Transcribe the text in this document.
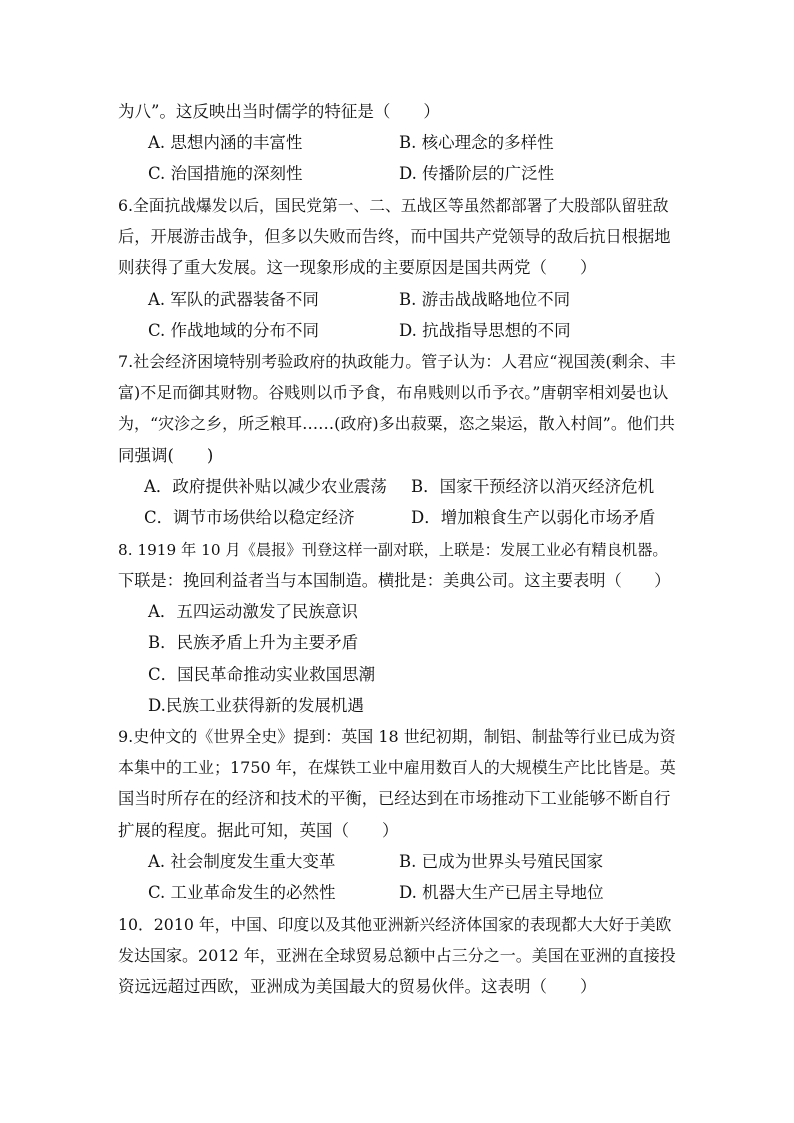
为八”。这反映出当时儒学的特征是（　　）
A. 思想内涵的丰富性	B. 核心理念的多样性
C. 治国措施的深刻性	D. 传播阶层的广泛性
6.全面抗战爆发以后，国民党第一、二、五战区等虽然都部署了大股部队留驻敌
后，开展游击战争，但多以失败而告终，而中国共产党领导的敌后抗日根据地
则获得了重大发展。这一现象形成的主要原因是国共两党（　　）
A. 军队的武器装备不同	B. 游击战战略地位不同
C. 作战地域的分布不同	D. 抗战指导思想的不同
7.社会经济困境特别考验政府的执政能力。管子认为：人君应“视国羡(剩余、丰
富)不足而御其财物。谷贱则以币予食，布帛贱则以币予衣。”唐朝宰相刘晏也认
为，“灾沴之乡，所乏粮耳……(政府)多出菽粟，恣之粜运，散入村闾”。他们共
同强调(　　)
A．政府提供补贴以减少农业震荡 B．国家干预经济以消灭经济危机
C．调节市场供给以稳定经济	D．增加粮食生产以弱化市场矛盾
8. 1919 年 10 月《晨报》刊登这样一副对联，上联是：发展工业必有精良机器。
下联是：挽回利益者当与本国制造。横批是：美典公司。这主要表明（　　）
A．五四运动激发了民族意识
B．民族矛盾上升为主要矛盾
C．国民革命推动实业救国思潮
D.民族工业获得新的发展机遇
9.史仲文的《世界全史》提到：英国 18 世纪初期，制铝、制盐等行业已成为资
本集中的工业；1750 年，在煤铁工业中雇用数百人的大规模生产比比皆是。英
国当时所存在的经济和技术的平衡，已经达到在市场推动下工业能够不断自行
扩展的程度。据此可知，英国（　　）
A. 社会制度发生重大变革	B. 已成为世界头号殖民国家
C. 工业革命发生的必然性	D. 机器大生产已居主导地位
10．2010 年，中国、印度以及其他亚洲新兴经济体国家的表现都大大好于美欧
发达国家。2012 年，亚洲在全球贸易总额中占三分之一。美国在亚洲的直接投
资远远超过西欧，亚洲成为美国最大的贸易伙伴。这表明（　　）
